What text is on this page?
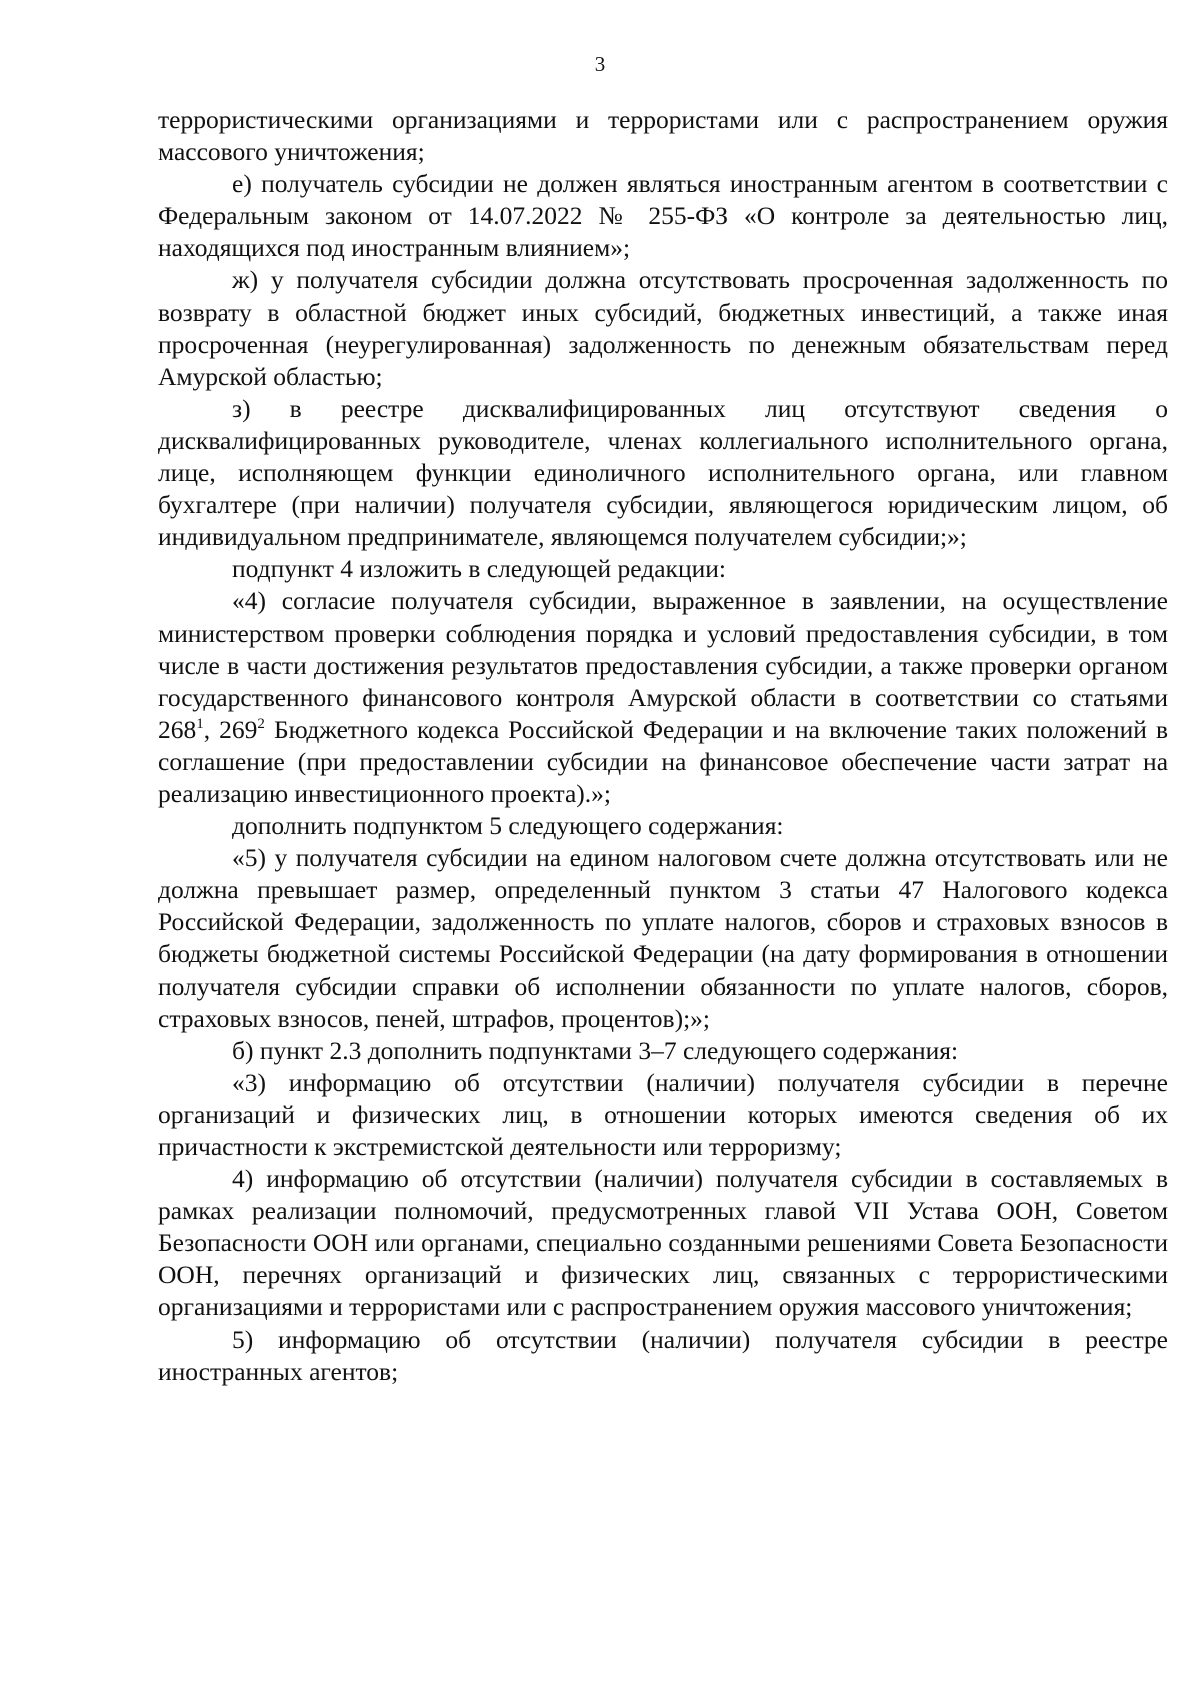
3

террористическими организациями и террористами или с распространением оружия массового уничтожения;

е) получатель субсидии не должен являться иностранным агентом в соответствии с Федеральным законом от 14.07.2022 № 255-ФЗ «О контроле за деятельностью лиц, находящихся под иностранным влиянием»;

ж) у получателя субсидии должна отсутствовать просроченная задолженность по возврату в областной бюджет иных субсидий, бюджетных инвестиций, а также иная просроченная (неурегулированная) задолженность по денежным обязательствам перед Амурской областью;

з) в реестре дисквалифицированных лиц отсутствуют сведения о дисквалифицированных руководителе, членах коллегиального исполнительного органа, лице, исполняющем функции единоличного исполнительного органа, или главном бухгалтере (при наличии) получателя субсидии, являющегося юридическим лицом, об индивидуальном предпринимателе, являющемся получателем субсидии;»;

подпункт 4 изложить в следующей редакции:

«4) согласие получателя субсидии, выраженное в заявлении, на осуществление министерством проверки соблюдения порядка и условий предоставления субсидии, в том числе в части достижения результатов предоставления субсидии, а также проверки органом государственного финансового контроля Амурской области в соответствии со статьями $268^1$, $269^2$ Бюджетного кодекса Российской Федерации и на включение таких положений в соглашение (при предоставлении субсидии на финансовое обеспечение части затрат на реализацию инвестиционного проекта).»;

дополнить подпунктом 5 следующего содержания:

«5) у получателя субсидии на едином налоговом счете должна отсутствовать или не должна превышает размер, определенный пунктом 3 статьи 47 Налогового кодекса Российской Федерации, задолженность по уплате налогов, сборов и страховых взносов в бюджеты бюджетной системы Российской Федерации (на дату формирования в отношении получателя субсидии справки об исполнении обязанности по уплате налогов, сборов, страховых взносов, пеней, штрафов, процентов);»;

б) пункт 2.3 дополнить подпунктами 3–7 следующего содержания:

«3) информацию об отсутствии (наличии) получателя субсидии в перечне организаций и физических лиц, в отношении которых имеются сведения об их причастности к экстремистской деятельности или терроризму;

4) информацию об отсутствии (наличии) получателя субсидии в составляемых в рамках реализации полномочий, предусмотренных главой VII Устава ООН, Советом Безопасности ООН или органами, специально созданными решениями Совета Безопасности ООН, перечнях организаций и физических лиц, связанных с террористическими организациями и террористами или с распространением оружия массового уничтожения;

5) информацию об отсутствии (наличии) получателя субсидии в реестре иностранных агентов;
